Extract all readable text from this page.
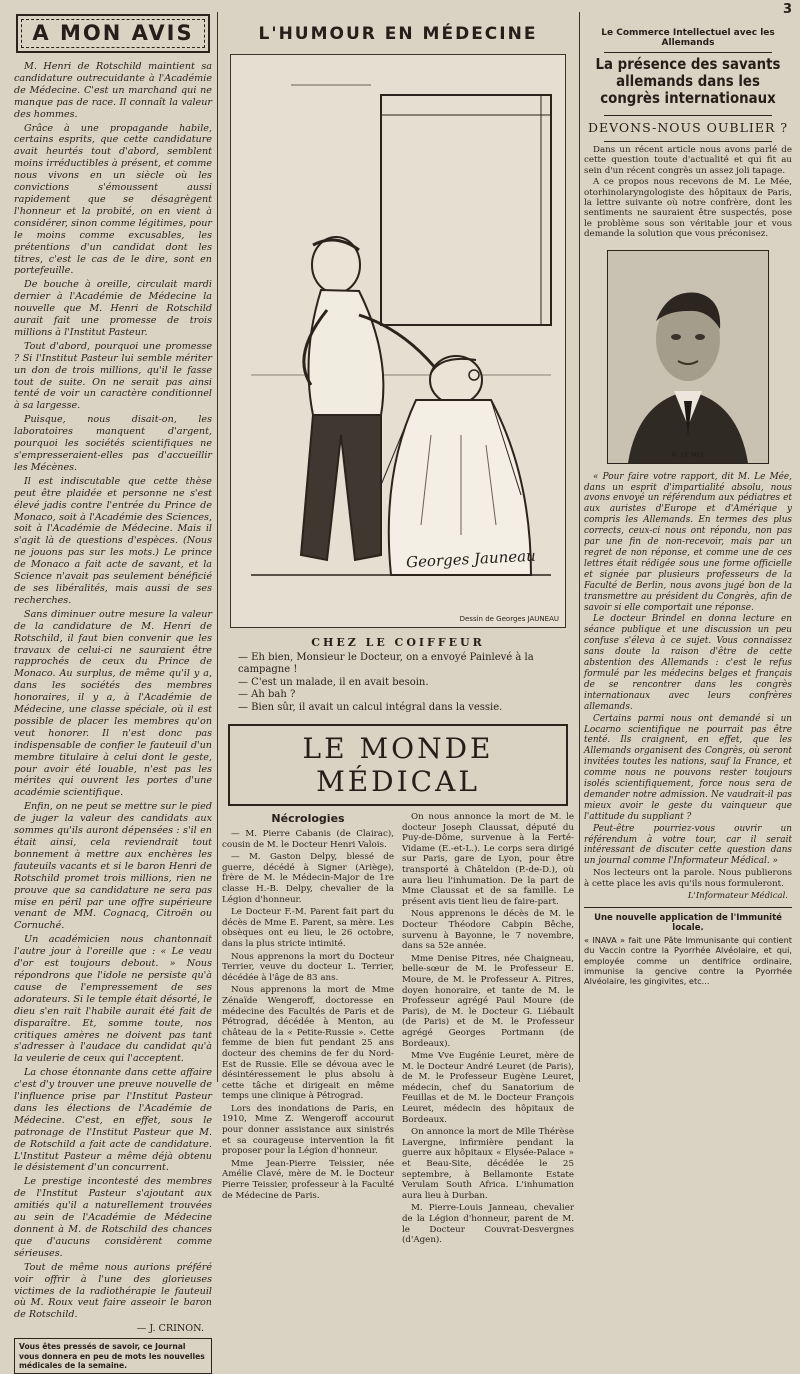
3
A MON AVIS

M. Henri de Rotschild maintient sa candidature outrecuidante à l'Académie de Médecine. C'est un marchand qui ne manque pas de race. Il connaît la valeur des hommes.

Grâce à une propagande habile, certains esprits, que cette candidature avait heurtés tout d'abord, semblent moins irréductibles à présent, et comme nous vivons en un siècle où les convictions s'émoussent aussi rapidement que se désagrègent l'honneur et la probité, on en vient à considérer, sinon comme légitimes, pour le moins comme excusables, les prétentions d'un candidat dont les titres, c'est le cas de le dire, sont en portefeuille.

De bouche à oreille, circulait mardi dernier à l'Académie de Médecine la nouvelle que M. Henri de Rotschild aurait fait une promesse de trois millions à l'Institut Pasteur.

Tout d'abord, pourquoi une promesse ? Si l'Institut Pasteur lui semble mériter un don de trois millions, qu'il le fasse tout de suite. On ne serait pas ainsi tenté de voir un caractère conditionnel à sa largesse.

Puisque, nous disait-on, les laboratoires manquent d'argent, pourquoi les sociétés scientifiques ne s'empresseraient-elles pas d'accueillir les Mécènes.

Il est indiscutable que cette thèse peut être plaidée et personne ne s'est élevé jadis contre l'entrée du Prince de Monaco, soit à l'Académie des Sciences, soit à l'Académie de Médecine. Mais il s'agit là de questions d'espèces. (Nous ne jouons pas sur les mots.) Le prince de Monaco a fait acte de savant, et la Science n'avait pas seulement bénéficié de ses libéralités, mais aussi de ses recherches.

Sans diminuer outre mesure la valeur de la candidature de M. Henri de Rotschild, il faut bien convenir que les travaux de celui-ci ne sauraient être rapprochés de ceux du Prince de Monaco. Au surplus, de même qu'il y a, dans les sociétés des membres honoraires, il y a, à l'Académie de Médecine, une classe spéciale, où il est possible de placer les membres qu'on veut honorer. Il n'est donc pas indispensable de confier le fauteuil d'un membre titulaire à celui dont le geste, pour avoir été louable, n'est pas les mérites qui ouvrent les portes d'une académie scientifique.

Enfin, on ne peut se mettre sur le pied de juger la valeur des candidats aux sommes qu'ils auront dépensées : s'il en était ainsi, cela reviendrait tout bonnement à mettre aux enchères les fauteuils vacants et si le baron Henri de Rotschild promet trois millions, rien ne prouve que sa candidature ne sera pas mise en péril par une offre supérieure venant de MM. Cognacq, Citroën ou Cornuché.

Un académicien nous chantonnait l'autre jour à l'oreille que : « Le veau d'or est toujours debout. » Nous répondrons que l'idole ne persiste qu'à cause de l'empressement de ses adorateurs. Si le temple était désorté, le dieu s'en rait l'habile aurait été fait de disparaître. Et, somme toute, nos critiques amères ne doivent pas tant s'adresser à l'audace du candidat qu'à la veulerie de ceux qui l'acceptent.

La chose étonnante dans cette affaire c'est d'y trouver une preuve nouvelle de l'influence prise par l'Institut Pasteur dans les élections de l'Académie de Médecine. C'est, en effet, sous le patronage de l'Institut Pasteur que M. de Rotschild a fait acte de candidature. L'Institut Pasteur a même déjà obtenu le désistement d'un concurrent.

Le prestige incontesté des membres de l'Institut Pasteur s'ajoutant aux amitiés qu'il a naturellement trouvées au sein de l'Académie de Médecine donnent à M. de Rotschild des chances que d'aucuns considèrent comme sérieuses.

Tout de même nous aurions préféré voir offrir à l'une des glorieuses victimes de la radiothérapie le fauteuil où M. Roux veut faire asseoir le baron de Rotschild.

— J. CRINON.
Vous êtes pressés de savoir, ce Journal vous donnera en peu de mots les nouvelles médicales de la semaine.
L'HUMOUR EN MÉDECINE
Georges Jauneau
Dessin de Georges JAUNEAU
CHEZ LE COIFFEUR
— Eh bien, Monsieur le Docteur, on a envoyé Painlevé à la campagne !
— C'est un malade, il en avait besoin.
— Ah bah ?
— Bien sûr, il avait un calcul intégral dans la vessie.
LE MONDE MÉDICAL
Nécrologies

— M. Pierre Cabanis (de Clairac), cousin de M. le Docteur Henri Valois.

— M. Gaston Delpy, blessé de guerre, décédé à Signer (Ariège), frère de M. le Médecin-Major de 1re classe H.-B. Delpy, chevalier de la Légion d'honneur.

Le Docteur F.-M. Parent fait part du décès de Mme E. Parent, sa mère. Les obsèques ont eu lieu, le 26 octobre, dans la plus stricte intimité.

Nous apprenons la mort du Docteur Terrier, veuve du docteur L. Terrier, décédée à l'âge de 83 ans.

Nous apprenons la mort de Mme Zénaïde Wengeroff, doctoresse en médecine des Facultés de Paris et de Pétrograd, décédée à Menton, au château de la « Petite-Russie ». Cette femme de bien fut pendant 25 ans docteur des chemins de fer du Nord-Est de Russie. Elle se dévoua avec le désintéressement le plus absolu à cette tâche et dirigeait en même temps une clinique à Pétrograd.

Lors des inondations de Paris, en 1910, Mme Z. Wengeroff accourut pour donner assistance aux sinistrés et sa courageuse intervention la fit proposer pour la Légion d'honneur.

Mme Jean-Pierre Teissier, née Amélie Clavé, mère de M. le Docteur Pierre Teissier, professeur à la Faculté de Médecine de Paris.

On nous annonce la mort de M. le docteur Joseph Claussat, député du Puy-de-Dôme, survenue à la Ferté-Vidame (E.-et-L.). Le corps sera dirigé sur Paris, gare de Lyon, pour être transporté à Châteldon (P.-de-D.), où aura lieu l'inhumation. De la part de Mme Claussat et de sa famille. Le présent avis tient lieu de faire-part.

Nous apprenons le décès de M. le Docteur Théodore Cabpin Bêche, survenu à Bayonne, le 7 novembre, dans sa 52e année.

Mme Denise Pitres, née Chaigneau, belle-sœur de M. le Professeur E. Moure, de M. le Professeur A. Pitres, doyen honoraire, et tante de M. le Professeur agrégé Paul Moure (de Paris), de M. le Docteur G. Liébault (de Paris) et de M. le Professeur agrégé Georges Portmann (de Bordeaux).

Mme Vve Eugénie Leuret, mère de M. le Docteur André Leuret (de Paris), de M. le Professeur Eugène Leuret, médecin, chef du Sanatorium de Feuillas et de M. le Docteur François Leuret, médecin des hôpitaux de Bordeaux.

On annonce la mort de Mlle Thérèse Lavergne, infirmière pendant la guerre aux hôpitaux « Elysée-Palace » et Beau-Site, décédée le 25 septembre, à Bellamonte Estate Verulam South Africa. L'inhumation aura lieu à Durban.

M. Pierre-Louis Janneau, chevalier de la Légion d'honneur, parent de M. le Docteur Couvrat-Desvergnes (d'Agen).

Le Commerce Intellectuel avec les Allemands
La présence des savants allemands dans les congrès internationaux
DEVONS-NOUS OUBLIER ?

Dans un récent article nous avons parlé de cette question toute d'actualité et qui fit au sein d'un récent congrès un assez joli tapage.

A ce propos nous recevons de M. Le Mée, otorhinolaryngologiste des hôpitaux de Paris, la lettre suivante où notre confrère, dont les sentiments ne sauraient être suspectés, pose le problème sous son véritable jour et vous demande la solution que vous préconisez.

M. LE MÉE

« Pour faire votre rapport, dit M. Le Mée, dans un esprit d'impartialité absolu, nous avons envoyé un référendum aux pédiatres et aux auristes d'Europe et d'Amérique y compris les Allemands. En termes des plus corrects, ceux-ci nous ont répondu, non pas par une fin de non-recevoir, mais par un regret de non réponse, et comme une de ces lettres était rédigée sous une forme officielle et signée par plusieurs professeurs de la Faculté de Berlin, nous avons jugé bon de la transmettre au président du Congrès, afin de savoir si elle comportait une réponse.

Le docteur Brindel en donna lecture en séance publique et une discussion un peu confuse s'éleva à ce sujet. Vous connaissez sans doute la raison d'être de cette abstention des Allemands : c'est le refus formulé par les médecins belges et français de se rencontrer dans les congrès internationaux avec leurs confrères allemands.

Certains parmi nous ont demandé si un Locarno scientifique ne pourrait pas être tenté. Ils craignent, en effet, que les Allemands organisent des Congrès, où seront invitées toutes les nations, sauf la France, et comme nous ne pouvons rester toujours isolés scientifiquement, force nous sera de demander notre admission. Ne vaudrait-il pas mieux avoir le geste du vainqueur que l'attitude du suppliant ?

Peut-être pourriez-vous ouvrir un référendum à votre tour, car il serait intéressant de discuter cette question dans un journal comme l'Informateur Médical. »

Nos lecteurs ont la parole. Nous publierons à cette place les avis qu'ils nous formuleront.

L'Informateur Médical.
Une nouvelle application de l'Immunité locale.
« INAVA » fait une Pâte Immunisante qui contient du Vaccin contre la Pyorrhée Alvéolaire, et qui, employée comme un dentifrice ordinaire, immunise la gencive contre la Pyorrhée Alvéolaire, les gingivites, etc...
